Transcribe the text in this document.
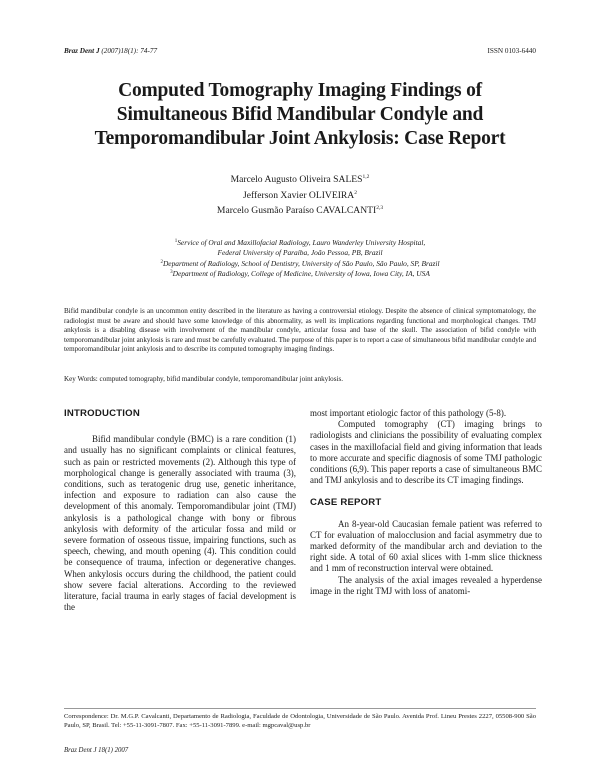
Braz Dent J (2007)18(1): 74-77	ISSN 0103-6440
Computed Tomography Imaging Findings of
Simultaneous Bifid Mandibular Condyle and
Temporomandibular Joint Ankylosis: Case Report
Marcelo Augusto Oliveira SALES$^{1,2}$
Jefferson Xavier OLIVEIRA$^2$
Marcelo Gusmão Paraíso CAVALCANTI$^{2,3}$
$^1$Service of Oral and Maxillofacial Radiology, Lauro Wanderley University Hospital,
Federal University of Paraíba, João Pessoa, PB, Brazil
$^2$Department of Radiology, School of Dentistry, University of São Paulo, São Paulo, SP, Brazil
$^3$Department of Radiology, College of Medicine, University of Iowa, Iowa City, IA, USA
Bifid mandibular condyle is an uncommon entity described in the literature as having a controversial etiology. Despite the absence of clinical symptomatology, the radiologist must be aware and should have some knowledge of this abnormality, as well its implications regarding functional and morphological changes. TMJ ankylosis is a disabling disease with involvement of the mandibular condyle, articular fossa and base of the skull. The association of bifid condyle with temporomandibular joint ankylosis is rare and must be carefully evaluated. The purpose of this paper is to report a case of simultaneous bifid mandibular condyle and temporomandibular joint ankylosis and to describe its computed tomography imaging findings.
Key Words: computed tomography, bifid mandibular condyle, temporomandibular joint ankylosis.

INTRODUCTION

Bifid mandibular condyle (BMC) is a rare condition (1) and usually has no significant complaints or clinical features, such as pain or restricted movements (2). Although this type of morphological change is generally associated with trauma (3), conditions, such as teratogenic drug use, genetic inheritance, infection and exposure to radiation can also cause the development of this anomaly. Temporomandibular joint (TMJ) ankylosis is a pathological change with bony or fibrous ankylosis with deformity of the articular fossa and mild or severe formation of osseous tissue, impairing functions, such as speech, chewing, and mouth opening (4). This condition could be consequence of trauma, infection or degenerative changes. When ankylosis occurs during the childhood, the patient could show severe facial alterations. According to the reviewed literature, facial trauma in early stages of facial development is the

most important etiologic factor of this pathology (5-8).

Computed tomography (CT) imaging brings to radiologists and clinicians the possibility of evaluating complex cases in the maxillofacial field and giving information that leads to more accurate and specific diagnosis of some TMJ pathologic conditions (6,9). This paper reports a case of simultaneous BMC and TMJ ankylosis and to describe its CT imaging findings.

CASE REPORT

An 8-year-old Caucasian female patient was referred to CT for evaluation of malocclusion and facial asymmetry due to marked deformity of the mandibular arch and deviation to the right side. A total of 60 axial slices with 1-mm slice thickness and 1 mm of reconstruction interval were obtained.

The analysis of the axial images revealed a hyperdense image in the right TMJ with loss of anatomi-

Correspondence: Dr. M.G.P. Cavalcanti, Departamento de Radiologia, Faculdade de Odontologia, Universidade de São Paulo. Avenida Prof. Lineu Prestes 2227, 05508-900 São Paulo, SP, Brasil. Tel: +55-11-3091-7807. Fax: +55-11-3091-7899. e-mail: mgpcaval@usp.br
Braz Dent J 18(1) 2007
